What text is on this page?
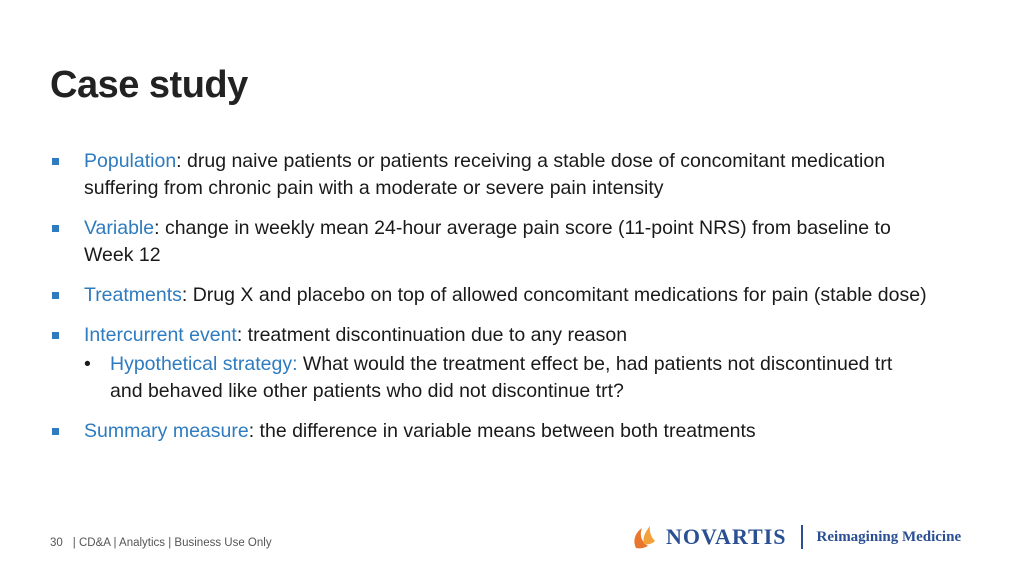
Case study
Population: drug naive patients or patients receiving a stable dose of concomitant medication suffering from chronic pain with a moderate or severe pain intensity
Variable: change in weekly mean 24-hour average pain score (11-point NRS) from baseline to Week 12
Treatments: Drug X and placebo on top of allowed concomitant medications for pain (stable dose)
Intercurrent event: treatment discontinuation due to any reason
• Hypothetical strategy: What would the treatment effect be, had patients not discontinued trt and behaved like other patients who did not discontinue trt?
Summary measure: the difference in variable means between both treatments
30 | CD&A | Analytics | Business Use Only	NOVARTIS Reimagining Medicine
